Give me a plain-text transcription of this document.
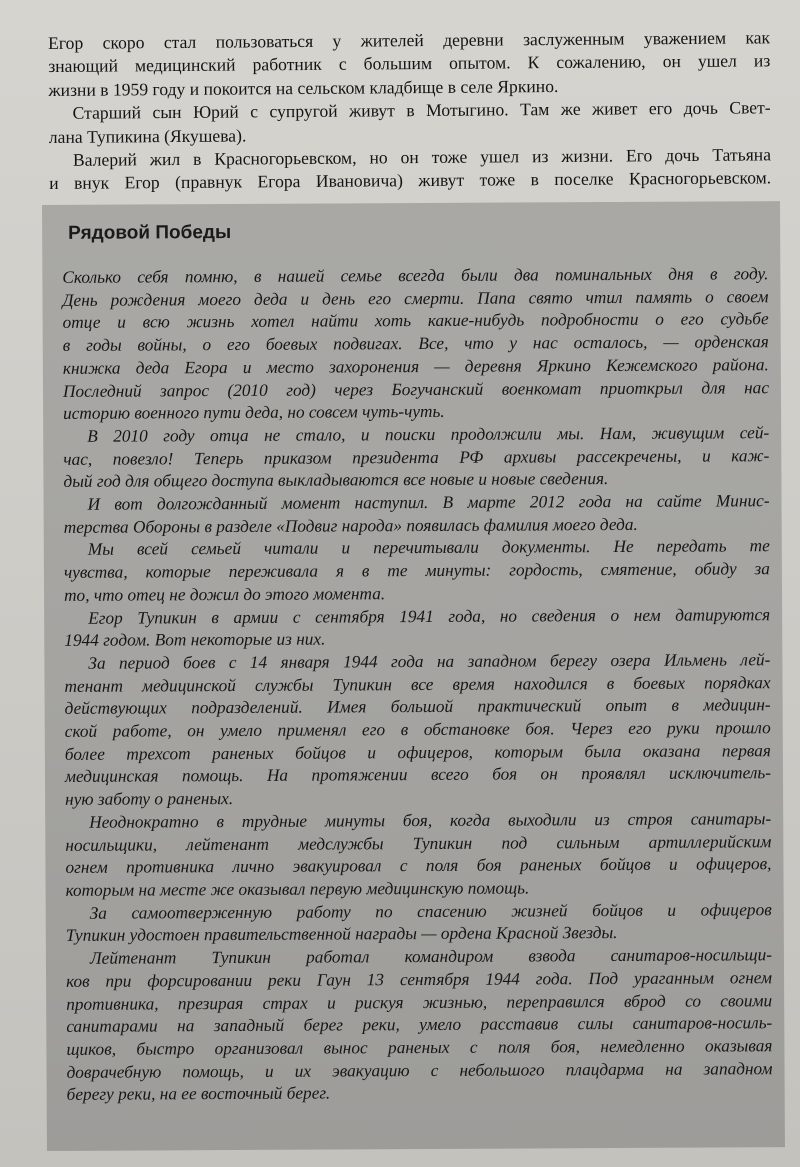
Егор скоро стал пользоваться у жителей деревни заслуженным уважением как
знающий медицинский работник с большим опытом. К сожалению, он ушел из
жизни в 1959 году и покоится на сельском кладбище в селе Яркино.
Старший сын Юрий с супругой живут в Мотыгино. Там же живет его дочь Свет-
лана Тупикина (Якушева).
Валерий жил в Красногорьевском, но он тоже ушел из жизни. Его дочь Татьяна
и внук Егор (правнук Егора Ивановича) живут тоже в поселке Красногорьевском.
Рядовой Победы
Сколько себя помню, в нашей семье всегда были два поминальных дня в году.
День рождения моего деда и день его смерти. Папа свято чтил память о своем
отце и всю жизнь хотел найти хоть какие-нибудь подробности о его судьбе
в годы войны, о его боевых подвигах. Все, что у нас осталось, — орденская
книжка деда Егора и место захоронения — деревня Яркино Кежемского района.
Последний запрос (2010 год) через Богучанский военкомат приоткрыл для нас
историю военного пути деда, но совсем чуть-чуть.
В 2010 году отца не стало, и поиски продолжили мы. Нам, живущим сей-
час, повезло! Теперь приказом президента РФ архивы рассекречены, и каж-
дый год для общего доступа выкладываются все новые и новые сведения.
И вот долгожданный момент наступил. В марте 2012 года на сайте Минис-
терства Обороны в разделе «Подвиг народа» появилась фамилия моего деда.
Мы всей семьей читали и перечитывали документы. Не передать те
чувства, которые переживала я в те минуты: гордость, смятение, обиду за
то, что отец не дожил до этого момента.
Егор Тупикин в армии с сентября 1941 года, но сведения о нем датируются
1944 годом. Вот некоторые из них.
За период боев с 14 января 1944 года на западном берегу озера Ильмень лей-
тенант медицинской службы Тупикин все время находился в боевых порядках
действующих подразделений. Имея большой практический опыт в медицин-
ской работе, он умело применял его в обстановке боя. Через его руки прошло
более трехсот раненых бойцов и офицеров, которым была оказана первая
медицинская помощь. На протяжении всего боя он проявлял исключитель-
ную заботу о раненых.
Неоднократно в трудные минуты боя, когда выходили из строя санитары-
носильщики, лейтенант медслужбы Тупикин под сильным артиллерийским
огнем противника лично эвакуировал с поля боя раненых бойцов и офицеров,
которым на месте же оказывал первую медицинскую помощь.
За самоотверженную работу по спасению жизней бойцов и офицеров
Тупикин удостоен правительственной награды — ордена Красной Звезды.
Лейтенант Тупикин работал командиром взвода санитаров-носильщи-
ков при форсировании реки Гаун 13 сентября 1944 года. Под ураганным огнем
противника, презирая страх и рискуя жизнью, переправился вброд со своими
санитарами на западный берег реки, умело расставив силы санитаров-носиль-
щиков, быстро организовал вынос раненых с поля боя, немедленно оказывая
доврачебную помощь, и их эвакуацию с небольшого плацдарма на западном
берегу реки, на ее восточный берег.
